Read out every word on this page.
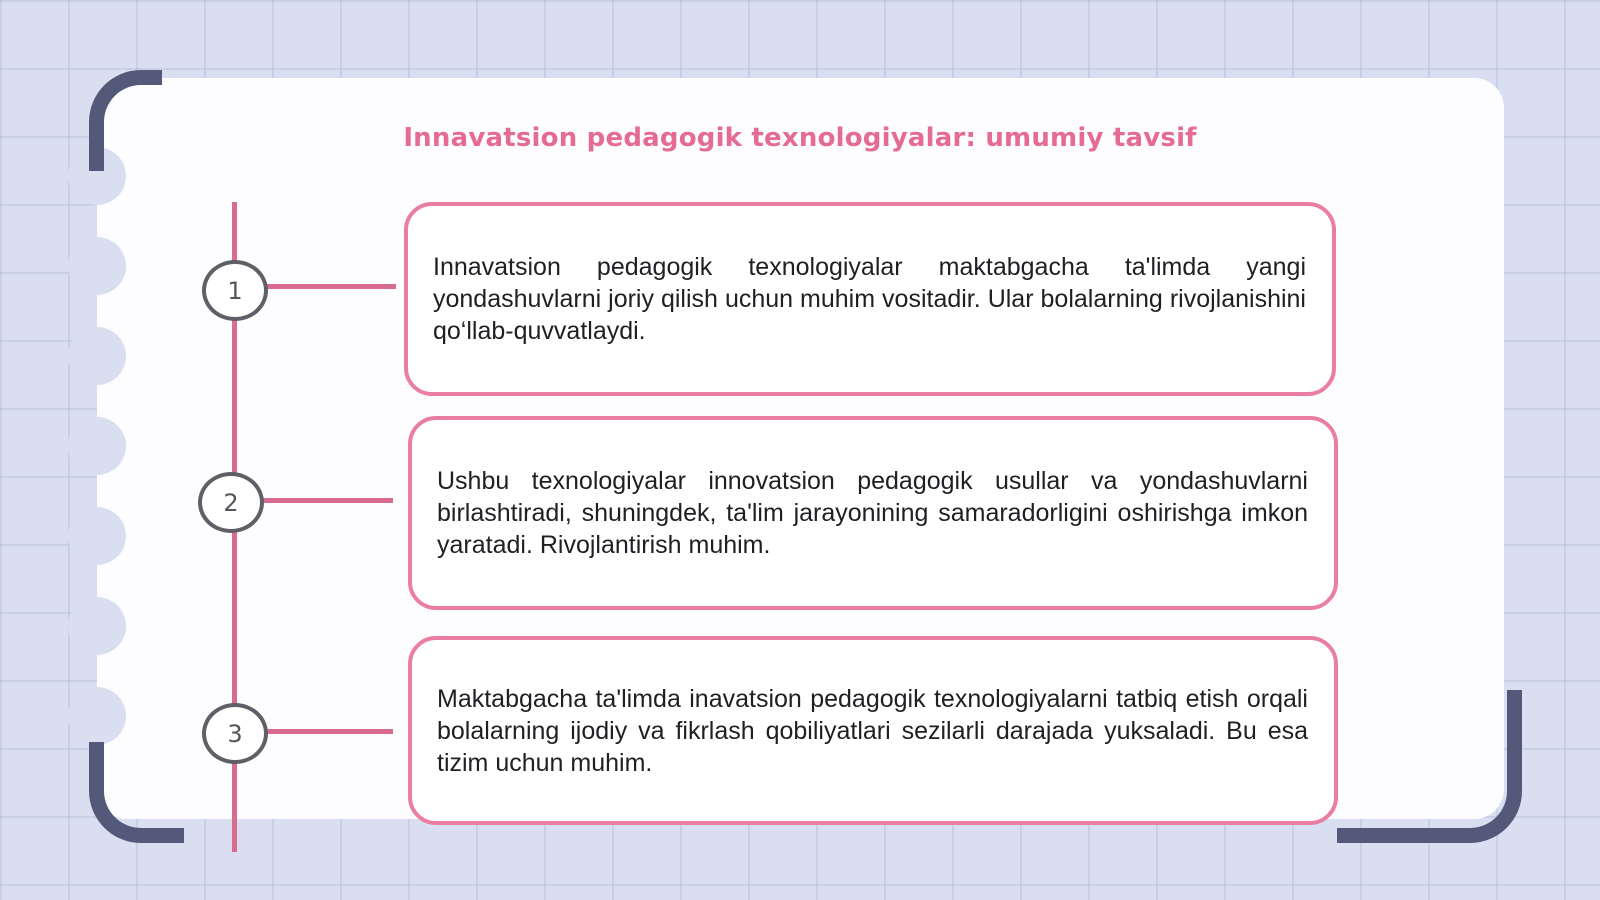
Innavatsion pedagogik texnologiyalar: umumiy tavsif
1

Innavatsion pedagogik texnologiyalar maktabgacha ta'limda yangi yondashuvlarni joriy qilish uchun muhim vositadir. Ular bolalarning rivojlanishini qo‘llab-quvvatlaydi.

2

Ushbu texnologiyalar innovatsion pedagogik usullar va yondashuvlarni birlashtiradi, shuningdek, ta'lim jarayonining samaradorligini oshirishga imkon yaratadi. Rivojlantirish muhim.

3

Maktabgacha ta'limda inavatsion pedagogik texnologiyalarni tatbiq etish orqali bolalarning ijodiy va fikrlash qobiliyatlari sezilarli darajada yuksaladi. Bu esa tizim uchun muhim.
